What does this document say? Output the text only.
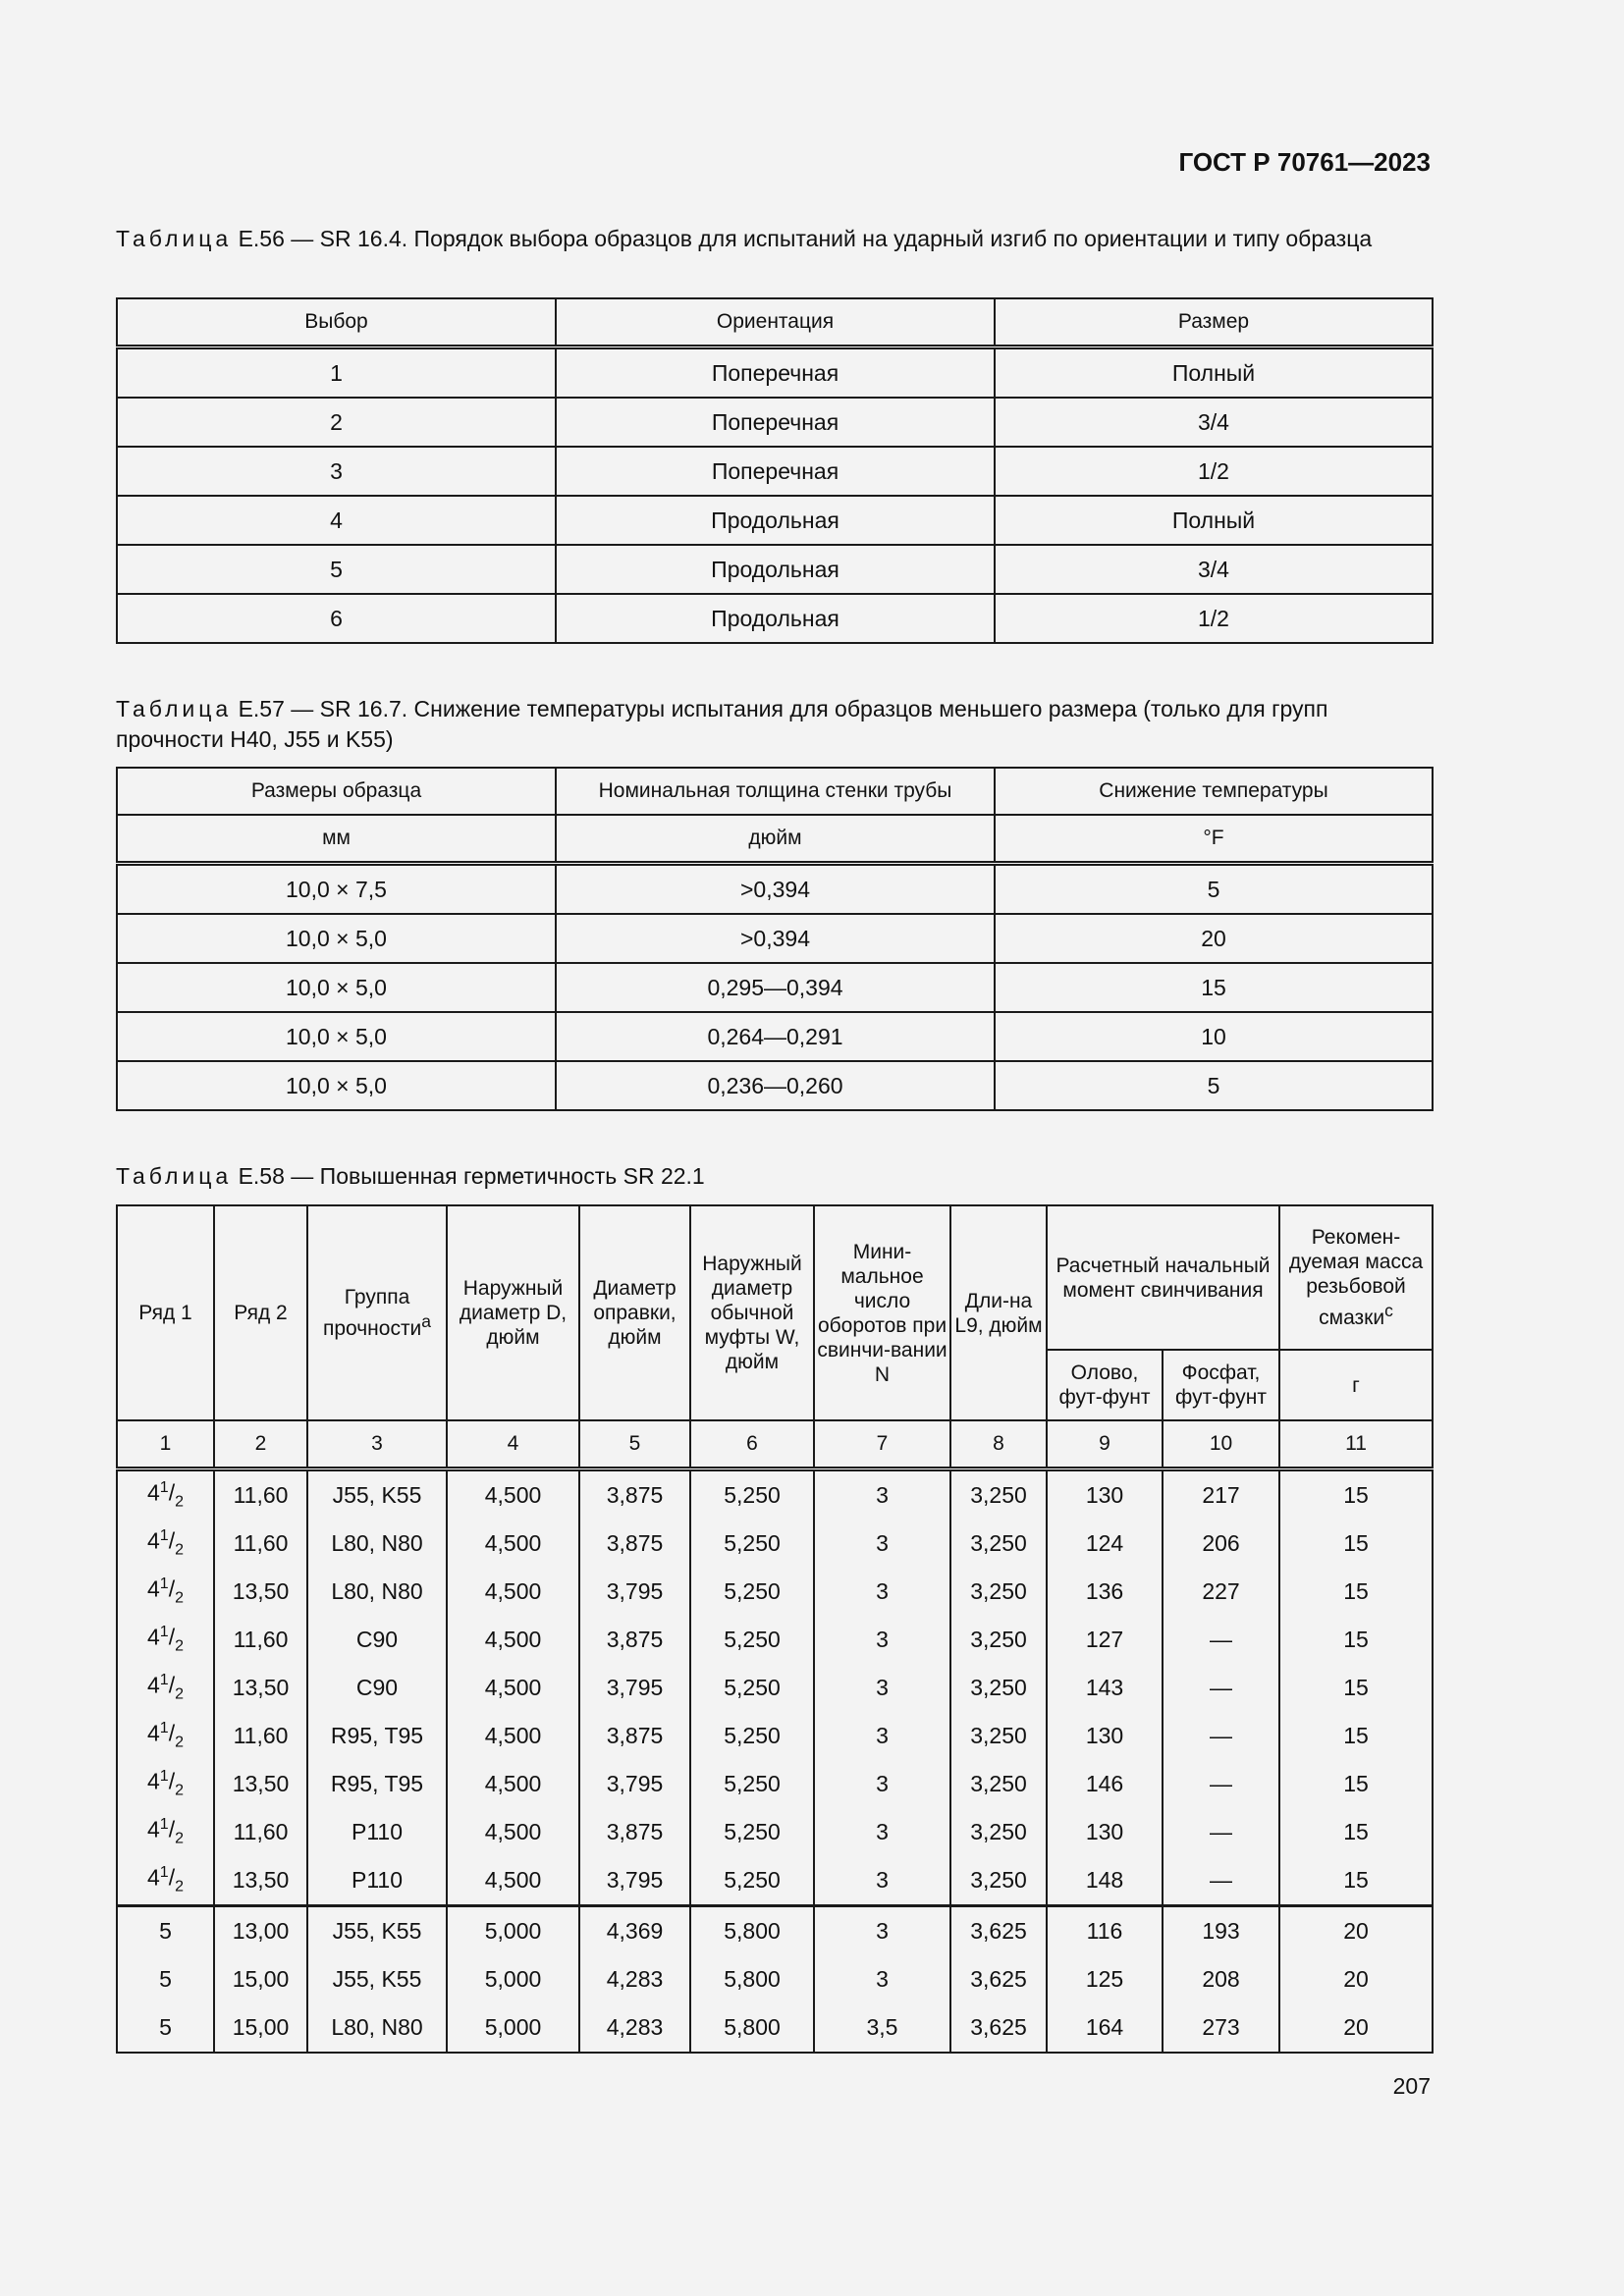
ГОСТ Р 70761—2023
Таблица Е.56 — SR 16.4. Порядок выбора образцов для испытаний на ударный изгиб по ориентации и типу образца
Выбор	Ориентация	Размер
1	Поперечная	Полный
2	Поперечная	3/4
3	Поперечная	1/2
4	Продольная	Полный
5	Продольная	3/4
6	Продольная	1/2
Таблица Е.57 — SR 16.7. Снижение температуры испытания для образцов меньшего размера (только для групп прочности H40, J55 и K55)
Размеры образца	Номинальная толщина стенки трубы	Снижение температуры
мм	дюйм	°F
10,0 × 7,5	>0,394	5
10,0 × 5,0	>0,394	20
10,0 × 5,0	0,295—0,394	15
10,0 × 5,0	0,264—0,291	10
10,0 × 5,0	0,236—0,260	5
Таблица Е.58 — Повышенная герметичность SR 22.1
Ряд 1	Ряд 2	Группа прочности$^a$	Наружный диаметр D, дюйм	Диаметр оправки, дюйм	Наружный диаметр обычной муфты W, дюйм	Мини-мальное число оборотов при свинчи-вании N	Дли-на L9, дюйм	Расчетный начальный момент свинчивания		Рекомен-дуемая масса резьбовой смазки$^c$
								Олово, фут-фунт	Фосфат, фут-фунт	г
1	2	3	4	5	6	7	8	9	10	11
$4^1/_2$	11,60	J55, K55	4,500	3,875	5,250	3	3,250	130	217	15
$4^1/_2$	11,60	L80, N80	4,500	3,875	5,250	3	3,250	124	206	15
$4^1/_2$	13,50	L80, N80	4,500	3,795	5,250	3	3,250	136	227	15
$4^1/_2$	11,60	C90	4,500	3,875	5,250	3	3,250	127	—	15
$4^1/_2$	13,50	C90	4,500	3,795	5,250	3	3,250	143	—	15
$4^1/_2$	11,60	R95, T95	4,500	3,875	5,250	3	3,250	130	—	15
$4^1/_2$	13,50	R95, T95	4,500	3,795	5,250	3	3,250	146	—	15
$4^1/_2$	11,60	P110	4,500	3,875	5,250	3	3,250	130	—	15
$4^1/_2$	13,50	P110	4,500	3,795	5,250	3	3,250	148	—	15
5	13,00	J55, K55	5,000	4,369	5,800	3	3,625	116	193	20
5	15,00	J55, K55	5,000	4,283	5,800	3	3,625	125	208	20
5	15,00	L80, N80	5,000	4,283	5,800	3,5	3,625	164	273	20
207
